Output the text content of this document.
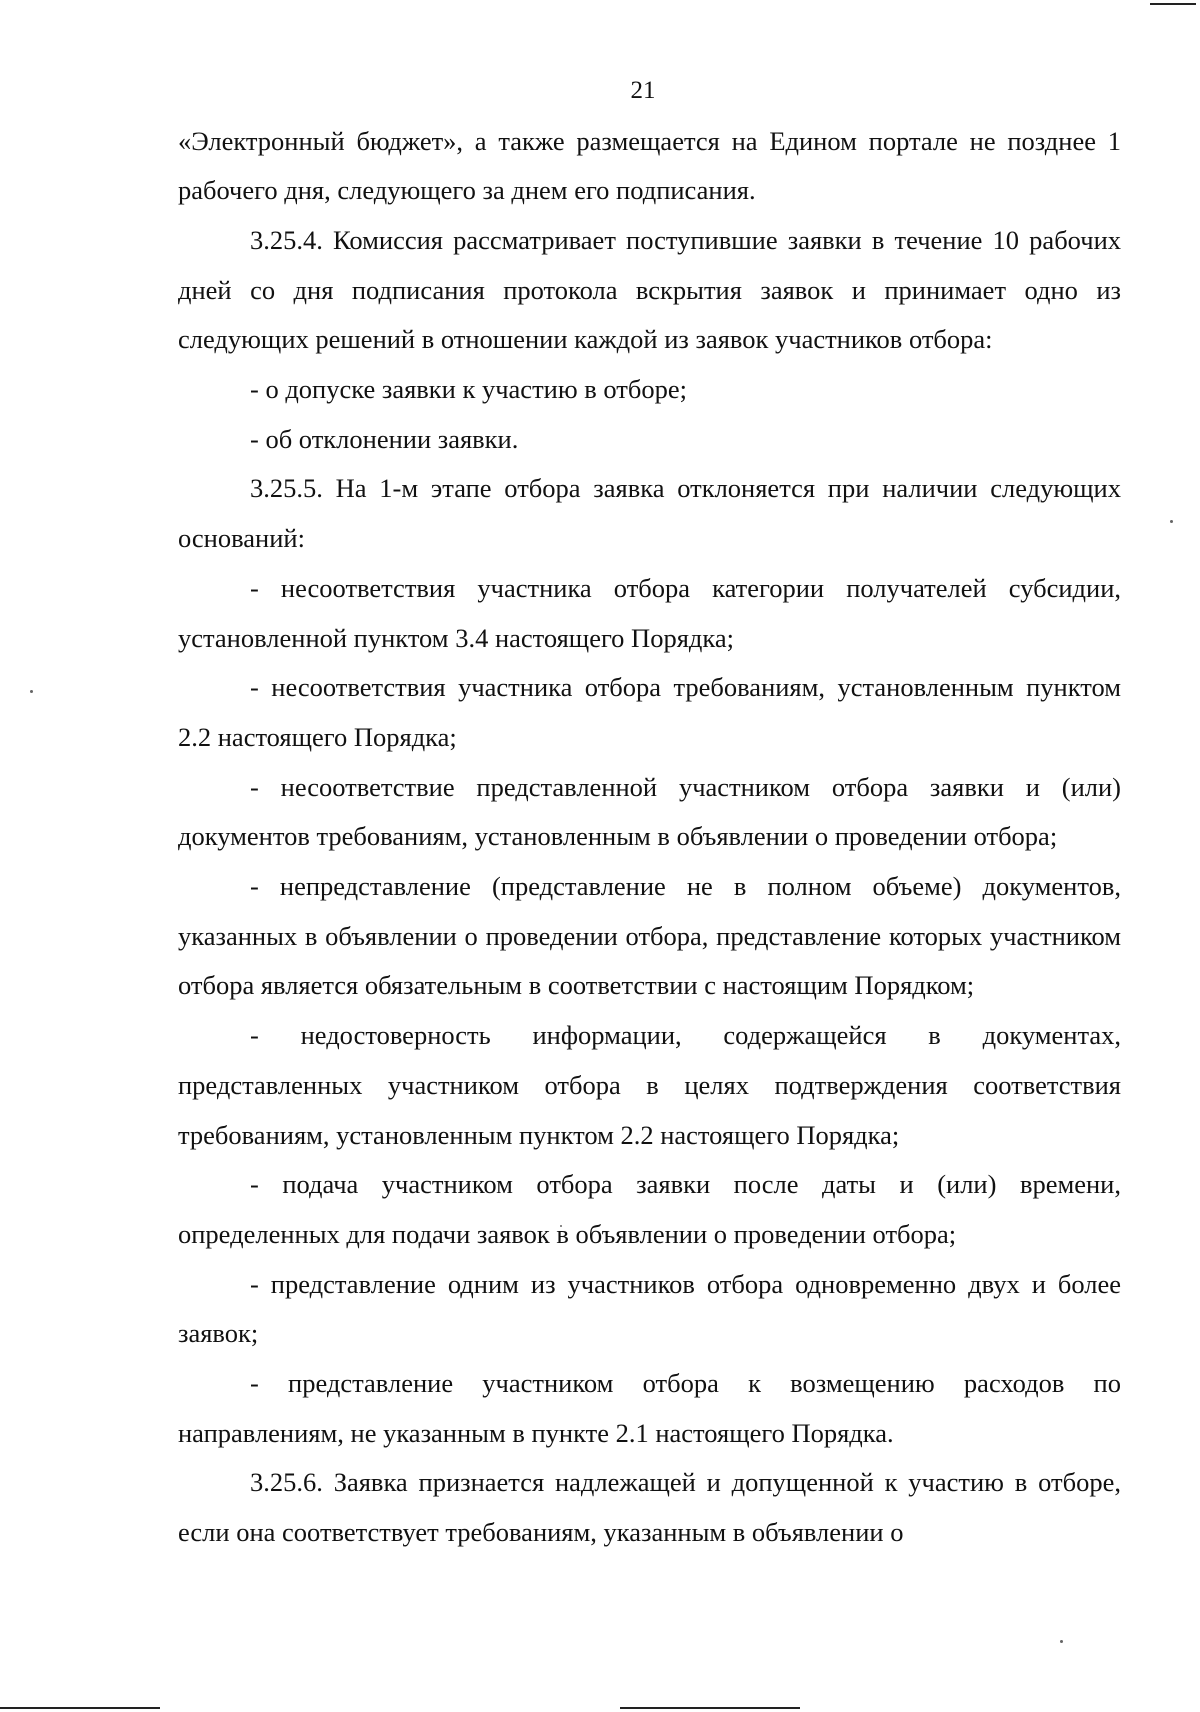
21

«Электронный бюджет», а также размещается на Едином портале не позднее 1 рабочего дня, следующего за днем его подписания.

3.25.4. Комиссия рассматривает поступившие заявки в течение 10 рабочих дней со дня подписания протокола вскрытия заявок и принимает одно из следующих решений в отношении каждой из заявок участников отбора:

- о допуске заявки к участию в отборе;

- об отклонении заявки.

3.25.5. На 1-м этапе отбора заявка отклоняется при наличии следующих оснований:

- несоответствия участника отбора категории получателей субсидии, установленной пунктом 3.4 настоящего Порядка;

- несоответствия участника отбора требованиям, установленным пунктом 2.2 настоящего Порядка;

- несоответствие представленной участником отбора заявки и (или) документов требованиям, установленным в объявлении о проведении отбора;

- непредставление (представление не в полном объеме) документов, указанных в объявлении о проведении отбора, представление которых участником отбора является обязательным в соответствии с настоящим Порядком;

- недостоверность информации, содержащейся в документах, представленных участником отбора в целях подтверждения соответствия требованиям, установленным пунктом 2.2 настоящего Порядка;

- подача участником отбора заявки после даты и (или) времени, определенных для подачи заявок в объявлении о проведении отбора;

- представление одним из участников отбора одновременно двух и более заявок;

- представление участником отбора к возмещению расходов по направлениям, не указанным в пункте 2.1 настоящего Порядка.

3.25.6. Заявка признается надлежащей и допущенной к участию в отборе, если она соответствует требованиям, указанным в объявлении о
